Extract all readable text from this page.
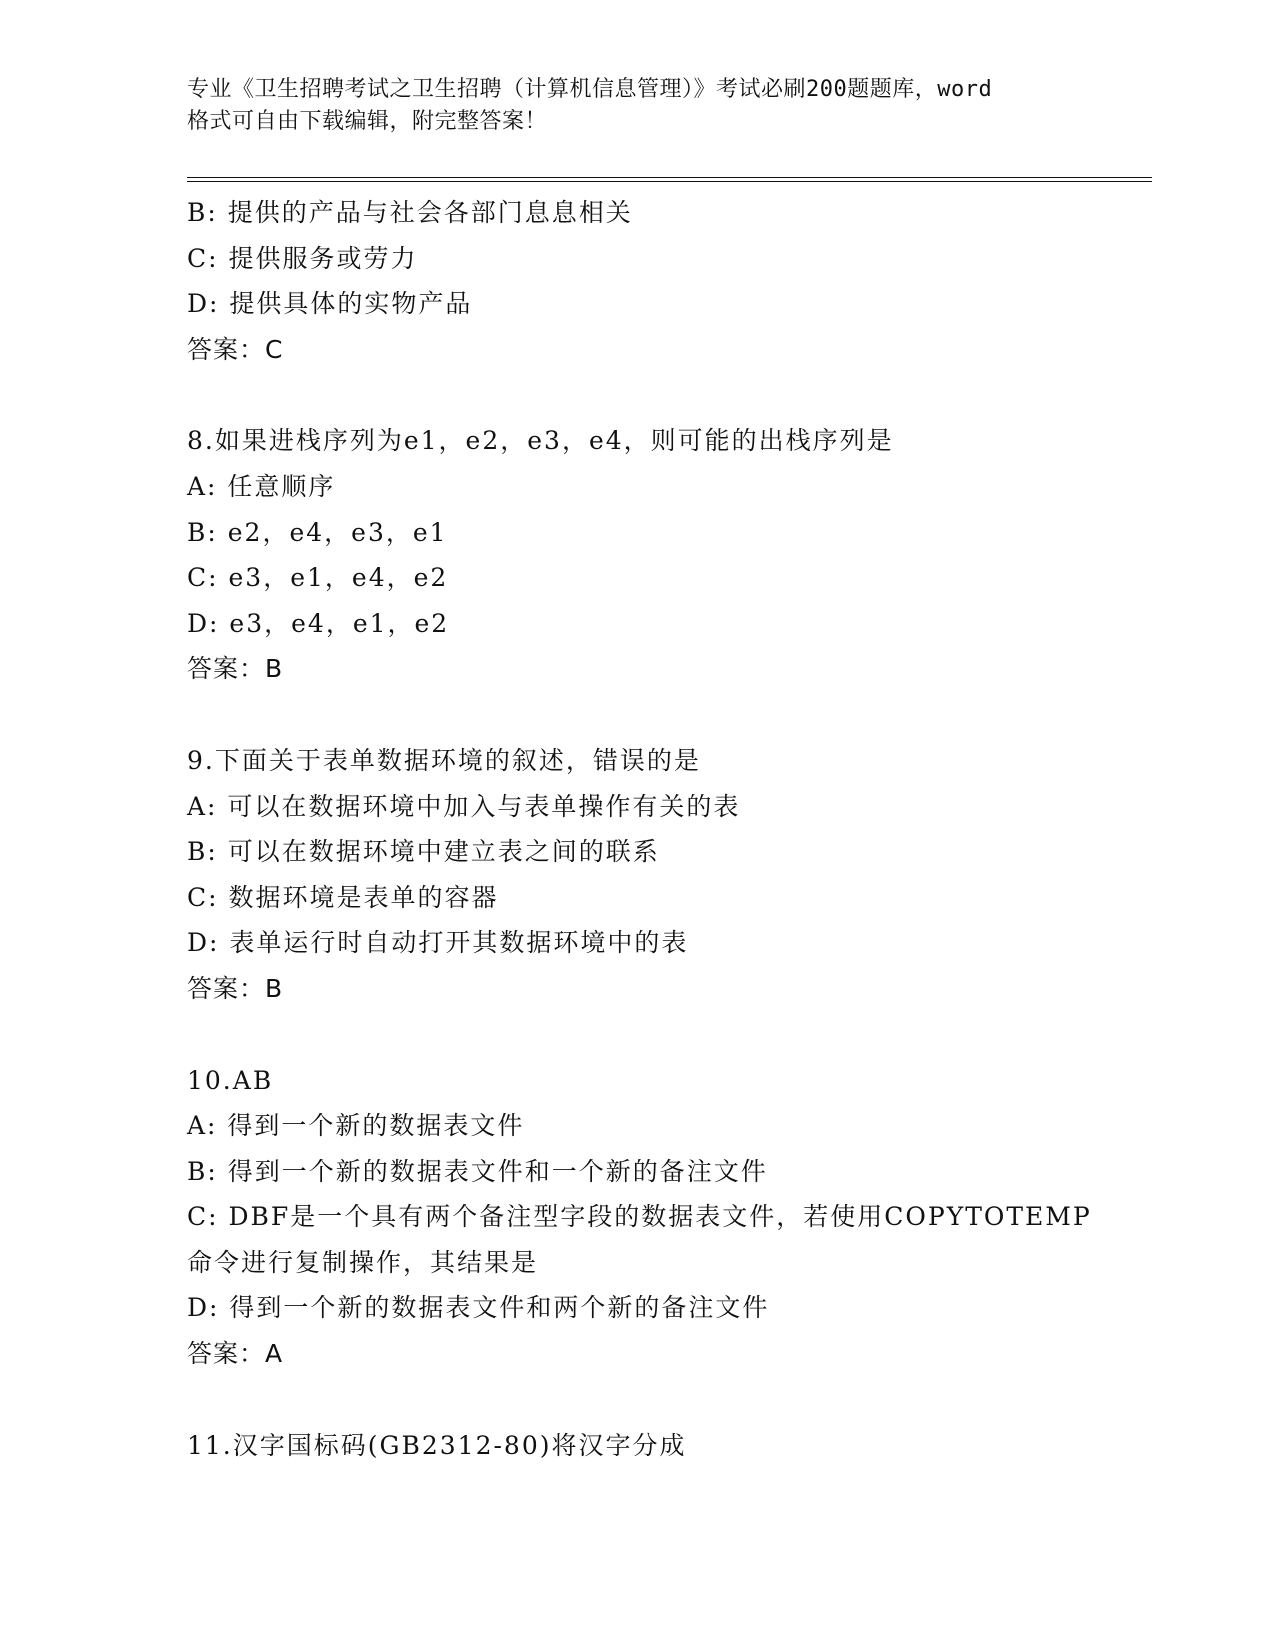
专业《卫生招聘考试之卫生招聘（计算机信息管理）》考试必刷200题题库，word
格式可自由下载编辑，附完整答案！
B: 提供的产品与社会各部门息息相关
C: 提供服务或劳力
D: 提供具体的实物产品
答案：C
8.如果进栈序列为e1，e2，e3，e4，则可能的出栈序列是
A: 任意顺序
B: e2，e4，e3，e1
C: e3，e1，e4，e2
D: e3，e4，e1，e2
答案：B
9.下面关于表单数据环境的叙述，错误的是
A: 可以在数据环境中加入与表单操作有关的表
B: 可以在数据环境中建立表之间的联系
C: 数据环境是表单的容器
D: 表单运行时自动打开其数据环境中的表
答案：B
10.AB
A: 得到一个新的数据表文件
B: 得到一个新的数据表文件和一个新的备注文件
C: DBF是一个具有两个备注型字段的数据表文件，若使用COPYTOTEMP
命令进行复制操作，其结果是
D: 得到一个新的数据表文件和两个新的备注文件
答案：A
11.汉字国标码(GB2312-80)将汉字分成
